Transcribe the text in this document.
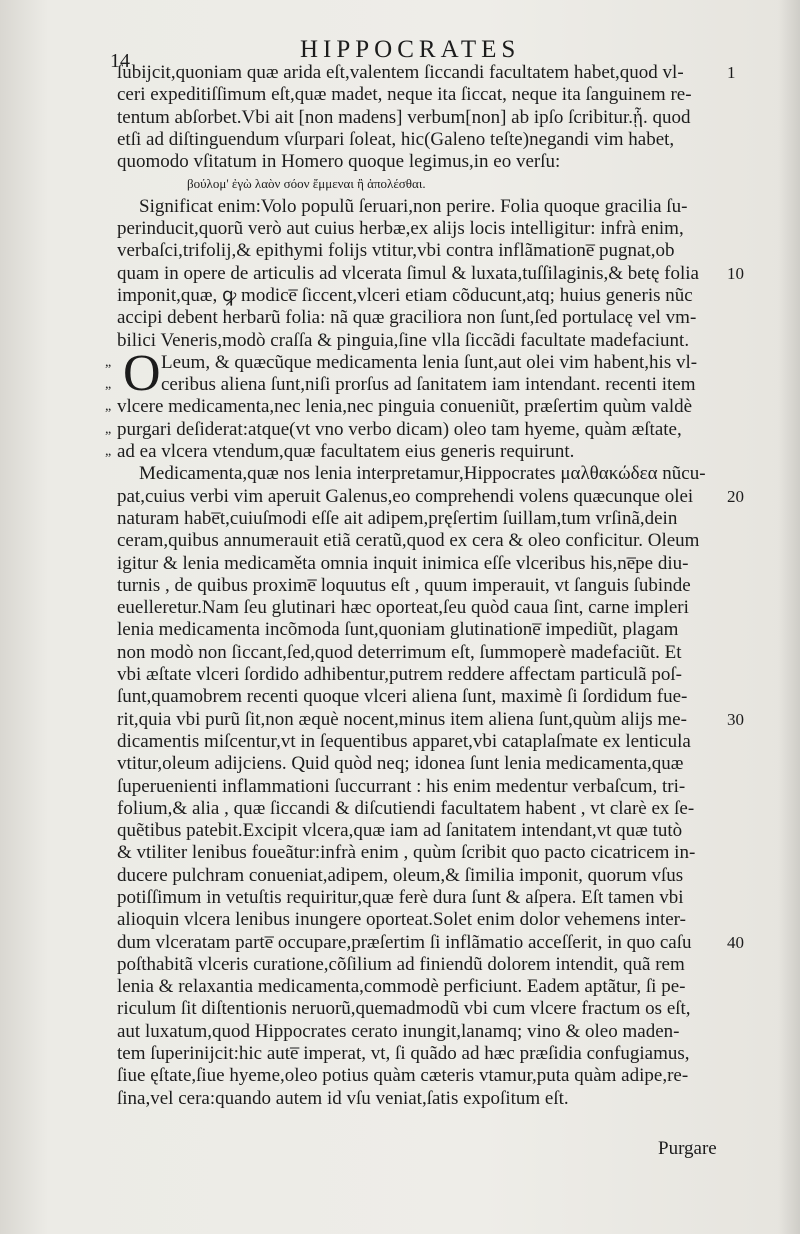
14	HIPPOCRATES
ſubijcit,quoniam quæ arida eſt,valentem ſiccandi facultatem habet,quod vl-	1
ceri expeditiſſimum eſt,quæ madet, neque ita ſiccat, neque ita ſanguinem re-
tentum abſorbet.Vbi ait [non madens] verbum[non] ab ipſo ſcribitur.ᾗ. quod
etſi ad diſtinguendum vſurpari ſoleat, hic(Galeno teſte)negandi vim habet,
quomodo vſitatum in Homero quoque legimus,in eo verſu:
βούλομ' ἐγὼ λαὸν σόον ἔμμεναι ἢ ἀπολέσθαι.
Significat enim:Volo populũ ſeruari,non perire. Folia quoque gracilia ſu-
perinducit,quorũ verò aut cuius herbæ,ex alijs locis intelligitur: infrà enim,
verbaſci,trifolij,& epithymi folijs vtitur,vbi contra inflãmatione̅ pugnat,ob
quam in opere de articulis ad vlcerata ſimul & luxata,tuſſilaginis,& betę folia 10
imponit,quæ, ꝙ modice̅ ſiccent,vlceri etiam cõducunt,atq; huius generis nũc
accipi debent herbarũ folia: nã quæ graciliora non ſunt,ſed portulacę vel vm-
bilici Veneris,modò craſſa & pinguia,ſine vlla ſiccãdi facultate madefaciunt.
„ O Leum, & quæcũque medicamenta lenia ſunt,aut olei vim habent,his vl-
„	ceribus aliena ſunt,niſi prorſus ad ſanitatem iam intendant. recenti item
„ vlcere medicamenta,nec lenia,nec pinguia conueniũt, præſertim quùm valdè
„ purgari deſiderat:atque(vt vno verbo dicam) oleo tam hyeme, quàm æſtate,
„ ad ea vlcera vtendum,quæ facultatem eius generis requirunt.
Medicamenta,quæ nos lenia interpretamur,Hippocrates μαλθακώδεα nũcu-
pat,cuius verbi vim aperuit Galenus,eo comprehendi volens quæcunque olei 20
naturam habe̅t,cuiuſmodi eſſe ait adipem,pręſertim ſuillam,tum vrſinã,dein
ceram,quibus annumerauit etiã ceratũ,quod ex cera & oleo conficitur. Oleum
igitur & lenia medicaměta omnia inquit inimica eſſe vlceribus his,ne̅pe diu-
turnis , de quibus proxime̅ loquutus eſt , quum imperauit, vt ſanguis ſubinde
euelleretur.Nam ſeu glutinari hæc oporteat,ſeu quòd caua ſint, carne impleri
lenia medicamenta incõmoda ſunt,quoniam glutinatione̅ impediũt, plagam
non modò non ſiccant,ſed,quod deterrimum eſt, ſummoperè madefaciũt. Et
vbi æſtate vlceri ſordido adhibentur,putrem reddere affectam particulã poſ-
ſunt,quamobrem recenti quoque vlceri aliena ſunt, maximè ſi ſordidum fue-
rit,quia vbi purũ ſit,non æquè nocent,minus item aliena ſunt,quùm alijs me- 30
dicamentis miſcentur,vt in ſequentibus apparet,vbi cataplaſmate ex lenticula
vtitur,oleum adijciens. Quid quòd neq; idonea ſunt lenia medicamenta,quæ
ſuperuenienti inflammationi ſuccurrant : his enim medentur verbaſcum, tri-
folium,& alia , quæ ſiccandi & diſcutiendi facultatem habent , vt clarè ex ſe-
quẽtibus patebit.Excipit vlcera,quæ iam ad ſanitatem intendant,vt quæ tutò
& vtiliter lenibus foueãtur:infrà enim , quùm ſcribit quo pacto cicatricem in-
ducere pulchram conueniat,adipem, oleum,& ſimilia imponit, quorum vſus
potiſſimum in vetuſtis requiritur,quæ ferè dura ſunt & aſpera. Eſt tamen vbi
alioquin vlcera lenibus inungere oporteat.Solet enim dolor vehemens inter-
dum vlceratam parte̅ occupare,præſertim ſi inflãmatio acceſſerit, in quo caſu 40
poſthabitã vlceris curatione,cõſilium ad finiendũ dolorem intendit, quã rem
lenia & relaxantia medicamenta,commodè perficiunt. Eadem aptãtur, ſi pe-
riculum ſit diſtentionis neruorũ,quemadmodũ vbi cum vlcere fractum os eſt,
aut luxatum,quod Hippocrates cerato inungit,lanamq; vino & oleo maden-
tem ſuperinijcit:hic aute̅ imperat, vt, ſi quãdo ad hæc præſidia confugiamus,
ſiue ęſtate,ſiue hyeme,oleo potius quàm cæteris vtamur,puta quàm adipe,re-
ſina,vel cera:quando autem id vſu veniat,ſatis expoſitum eſt.
Purgare
